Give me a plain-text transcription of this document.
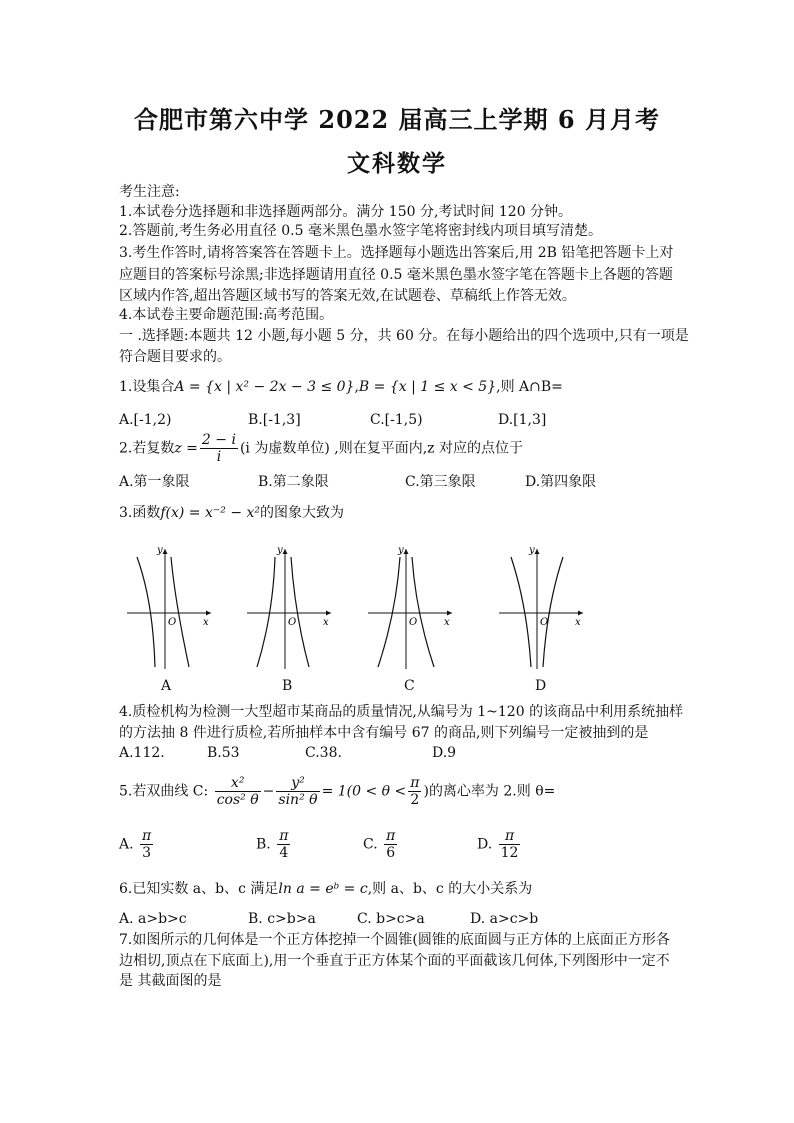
合肥市第六中学 2022 届高三上学期 6 月月考
文科数学
考生注意:
1.本试卷分选择题和非选择题两部分。满分 150 分,考试时间 120 分钟。
2.答题前,考生务必用直径 0.5 毫米黑色墨水签字笔将密封线内项目填写清楚。
3.考生作答时,请将答案答在答题卡上。选择题每小题选出答案后,用 2B 铅笔把答题卡上对
应题目的答案标号涂黑;非选择题请用直径 0.5 毫米黑色墨水签字笔在答题卡上各题的答题
区域内作答,超出答题区域书写的答案无效,在试题卷、草稿纸上作答无效。
4.本试卷主要命题范围:高考范围。
一 .选择题:本题共 12 小题,每小题 5 分，共 60 分。在每小题给出的四个选项中,只有一项是
符合题目要求的。
1.设集合A = {x | x² − 2x − 3 ≤ 0},B = {x | 1 ≤ x < 5},则 A∩B=
A.[-1,2)	B.[-1,3]	C.[-1,5)	D.[1,3]
2.若复数$z = \frac{2 - i}{i} (i$ 为虚数单位) ,则在复平面内,z 对应的点位于
A.第一象限	B.第二象限	C.第三象限	D.第四象限
3.函数f(x) = x⁻² − x²的图象大致为
y
x
O
y
x
O
y
x
O
y
x
O
A	B	C	D
4.质检机构为检测一大型超市某商品的质量情况,从编号为 1~120 的该商品中利用系统抽样
的方法抽 8 件进行质检,若所抽样本中含有编号 67 的商品,则下列编号一定被抽到的是
A.112.	B.53	C.38.	D.9
5.若双曲线 C: $\frac{\text{x²}}{\text{cos² θ}} - \frac{\text{y²}}{\text{sin² θ}} = 1(0 < \theta < \frac{\pi}{2}$ )的离心率为 2.则 θ=
A. $\frac{\pi}{3}$	B. $\frac{\pi}{4}$	C. $\frac{\pi}{6}$	D. $\frac{\pi}{12}$
6.已知实数 a、b、c 满足ln a = eᵇ = c,则 a、b、c 的大小关系为
A. a>b>c	B. c>b>a	C. b>c>a	D. a>c>b
7.如图所示的几何体是一个正方体挖掉一个圆锥(圆锥的底面圆与正方体的上底面正方形各
边相切,顶点在下底面上),用一个垂直于正方体某个面的平面截该几何体,下列图形中一定不
是 其截面图的是
